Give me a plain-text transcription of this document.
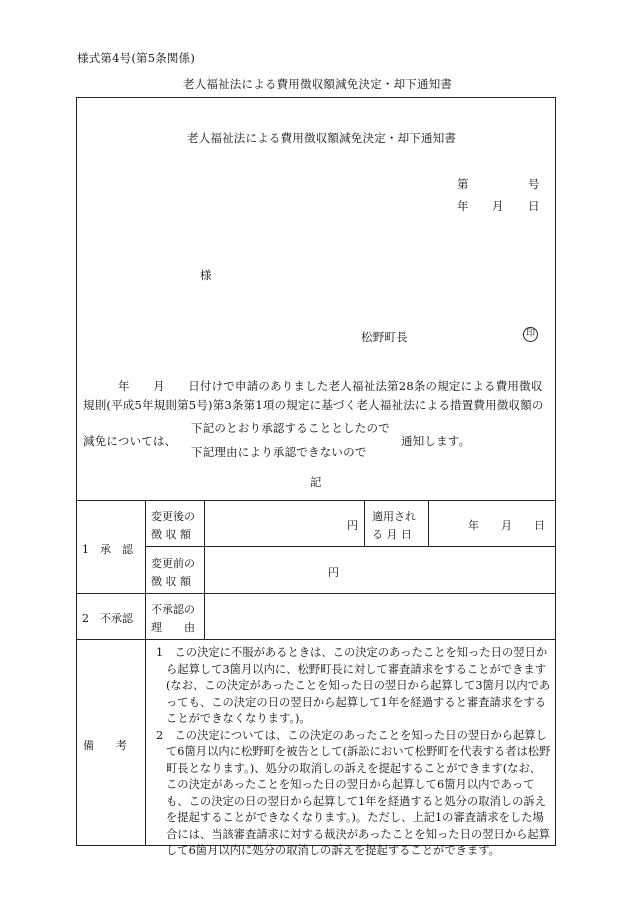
様式第4号(第5条関係)
老人福祉法による費用徴収額減免決定・却下通知書
老人福祉法による費用徴収額減免決定・却下通知書
第	号
年 月 日
様
松野町長	印
年　　月　　日付けで申請のありました老人福祉法第28条の規定による費用徴収
規則(平成5年規則第5号)第3条第1項の規定に基づく老人福祉法による措置費用徴収額の
減免については、
下記のとおり承認することとしたので
下記理由により承認できないので
通知します。
記
1　承　認
変更後の
徴 収 額
円
適用され
る 月 日
年　　月　　日
変更前の
徴 収 額
円
2　不承認
不承認の
理　　由
備　　考

1　この決定に不服があるときは、この決定のあったことを知った日の翌日から起算して3箇月以内に、松野町長に対して審査請求をすることができます(なお、この決定があったことを知った日の翌日から起算して3箇月以内であっても、この決定の日の翌日から起算して1年を経過すると審査請求をすることができなくなります。)。

2　この決定については、この決定のあったことを知った日の翌日から起算して6箇月以内に松野町を被告として(訴訟において松野町を代表する者は松野町長となります。)、処分の取消しの訴えを提起することができます(なお、この決定があったことを知った日の翌日から起算して6箇月以内であっても、この決定の日の翌日から起算して1年を経過すると処分の取消しの訴えを提起することができなくなります。)。ただし、上記1の審査請求をした場合には、当該審査請求に対する裁決があったことを知った日の翌日から起算して6箇月以内に処分の取消しの訴えを提起することができます。
